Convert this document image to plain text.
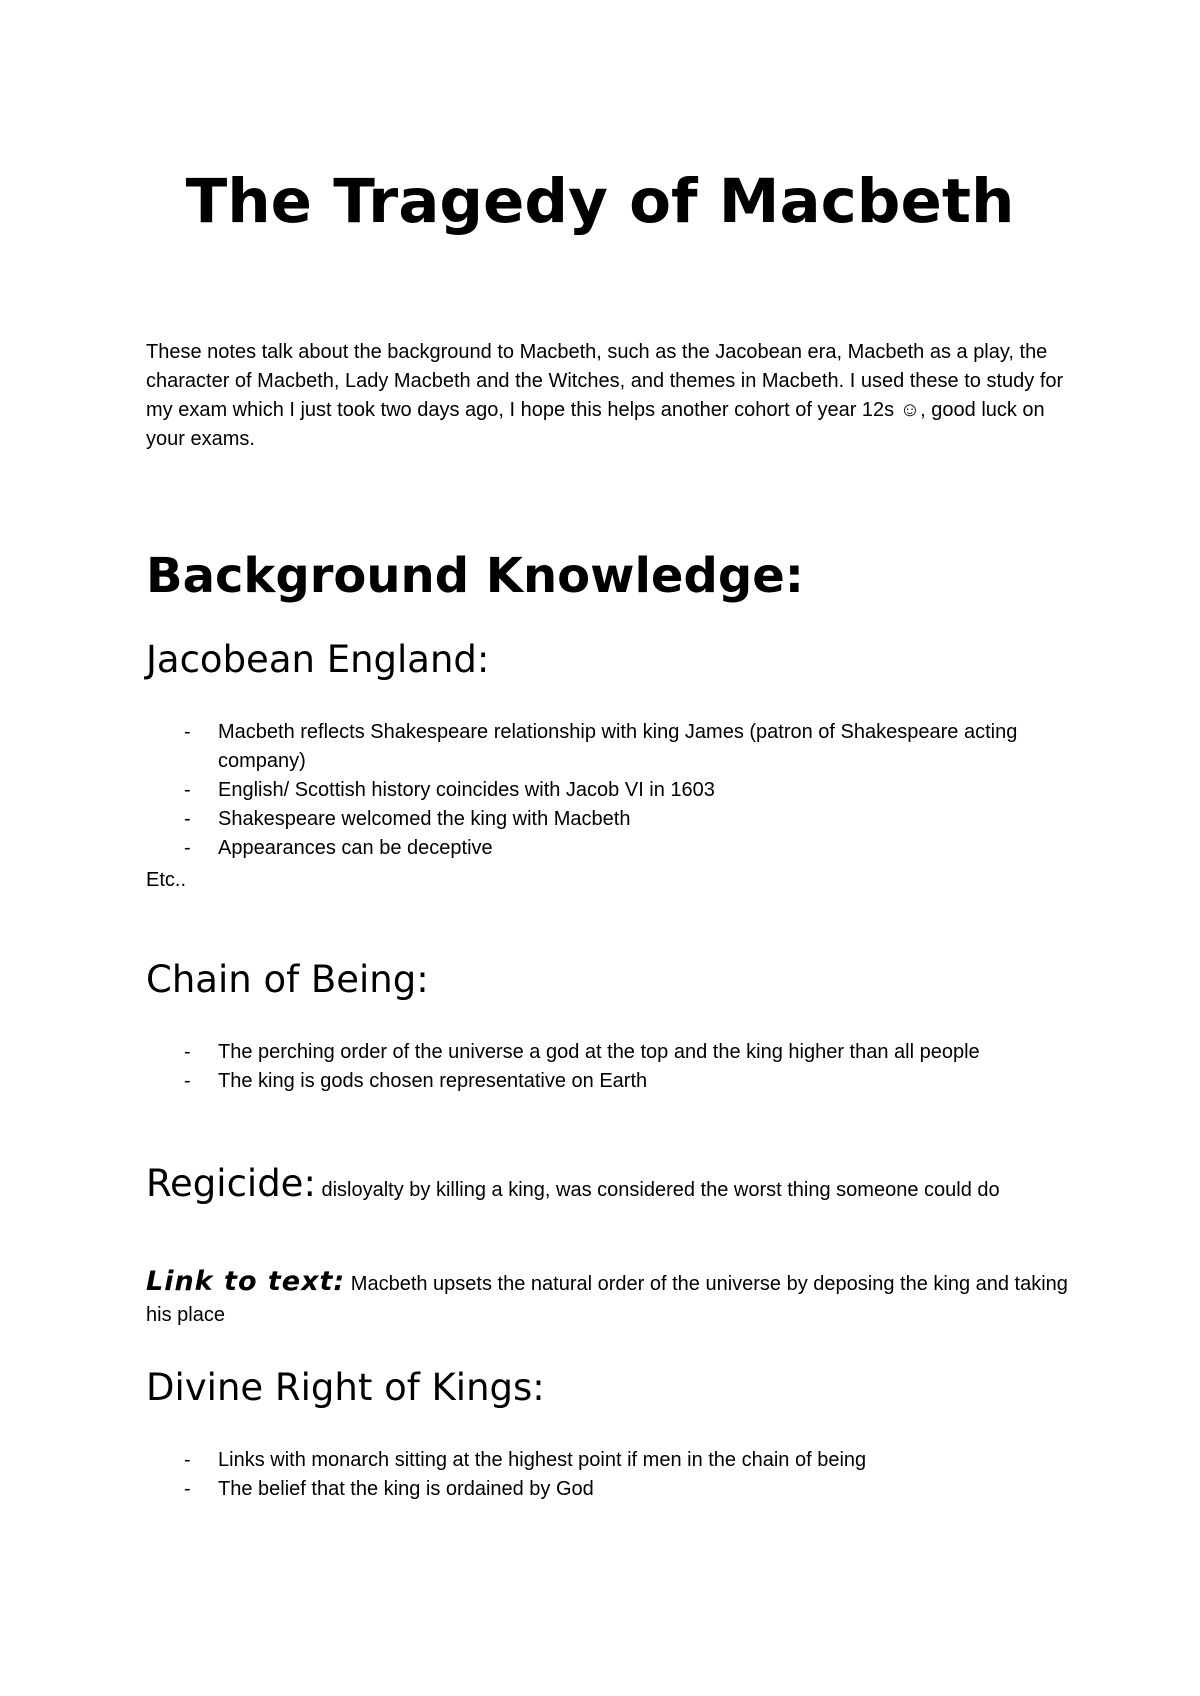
The Tragedy of Macbeth

These notes talk about the background to Macbeth, such as the Jacobean era, Macbeth as a play, the character of Macbeth, Lady Macbeth and the Witches, and themes in Macbeth. I used these to study for my exam which I just took two days ago, I hope this helps another cohort of year 12s ☺, good luck on your exams.

Background Knowledge:
Jacobean England:
- Macbeth reflects Shakespeare relationship with king James (patron of Shakespeare acting company)
- English/ Scottish history coincides with Jacob VI in 1603
- Shakespeare welcomed the king with Macbeth
- Appearances can be deceptive

Etc..

Chain of Being:
- The perching order of the universe a god at the top and the king higher than all people
- The king is gods chosen representative on Earth

Regicide: disloyalty by killing a king, was considered the worst thing someone could do

Link to text: Macbeth upsets the natural order of the universe by deposing the king and taking his place

Divine Right of Kings:
- Links with monarch sitting at the highest point if men in the chain of being
- The belief that the king is ordained by God
